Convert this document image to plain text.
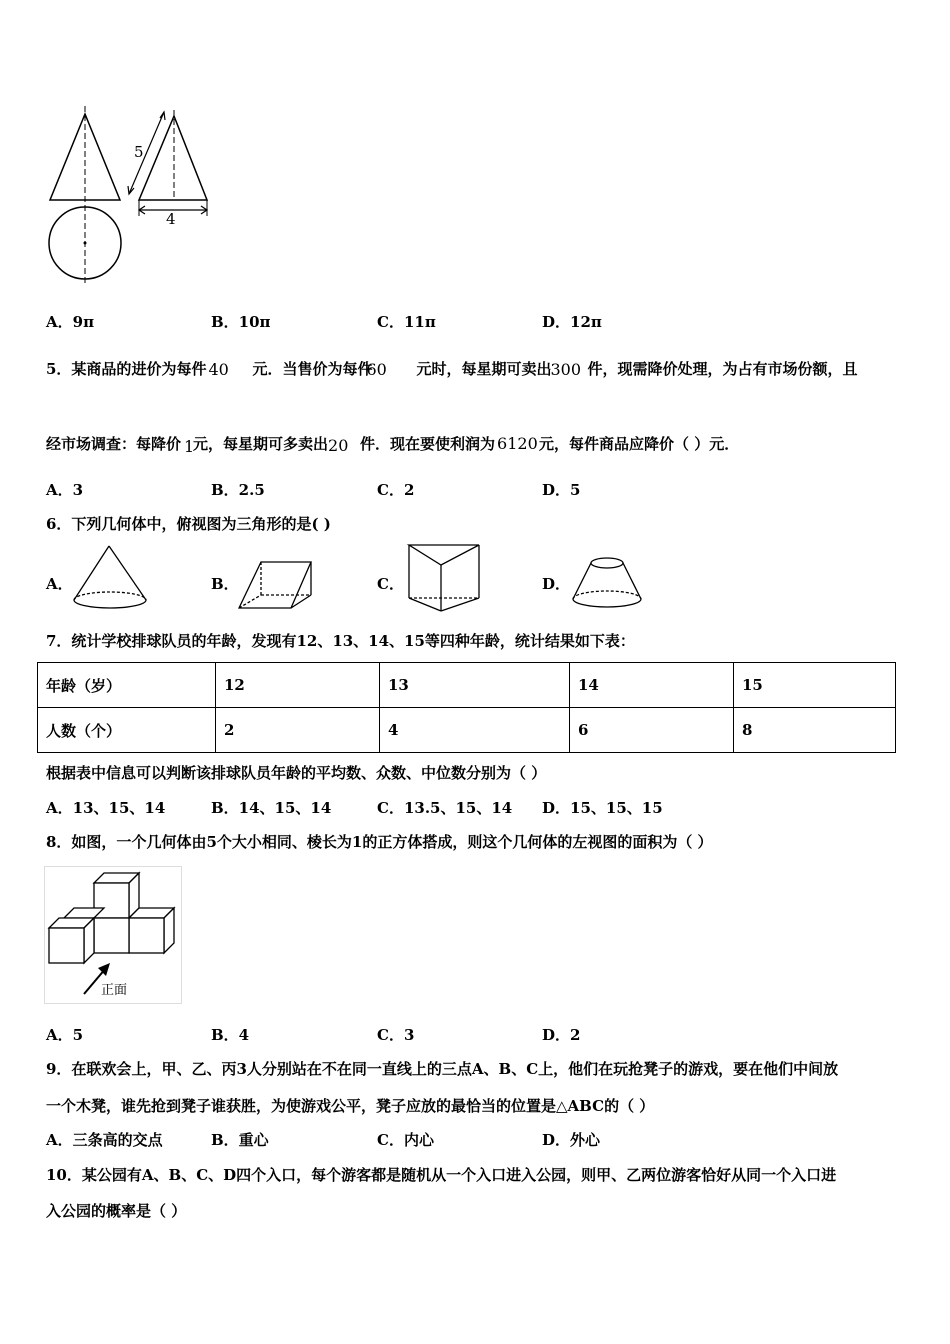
5
4
A．9π	B．10π	C．11π	D．12π
5．某商品的进价为每件 40 元．当售价为每件
60 元时，每星期可卖出 300 件，现需降价处理，为占有市场份额，且
经市场调查：每降价 1
元，每星期可多卖出 20 件．现在要使利润为 6120 元，每件商品应降价（ ）元．
A．3	B．2.5	C．2	D．5
6．下列几何体中，俯视图为三角形的是( )
A．	B．	C．	D．
7．统计学校排球队员的年龄，发现有12、13、14、15等四种年龄，统计结果如下表：
年龄（岁）	12	13	14	15
人数（个）	2	4	6	8
根据表中信息可以判断该排球队员年龄的平均数、众数、中位数分别为（ ）
A．13、15、14	B．14、15、14	C．13.5、15、14 D．15、15、15
8．如图，一个几何体由5个大小相同、棱长为1的正方体搭成，则这个几何体的左视图的面积为（ ）
正面
A．5	B．4	C．3	D．2
9．在联欢会上，甲、乙、丙3人分别站在不在同一直线上的三点A、B、C上，他们在玩抢凳子的游戏，要在他们中间放
一个木凳，谁先抢到凳子谁获胜，为使游戏公平，凳子应放的最恰当的位置是△ABC的（ ）
A．三条高的交点	B．重心	C．内心	D．外心
10．某公园有A、B、C、D四个入口，每个游客都是随机从一个入口进入公园，则甲、乙两位游客恰好从同一个入口进
入公园的概率是（ ）
